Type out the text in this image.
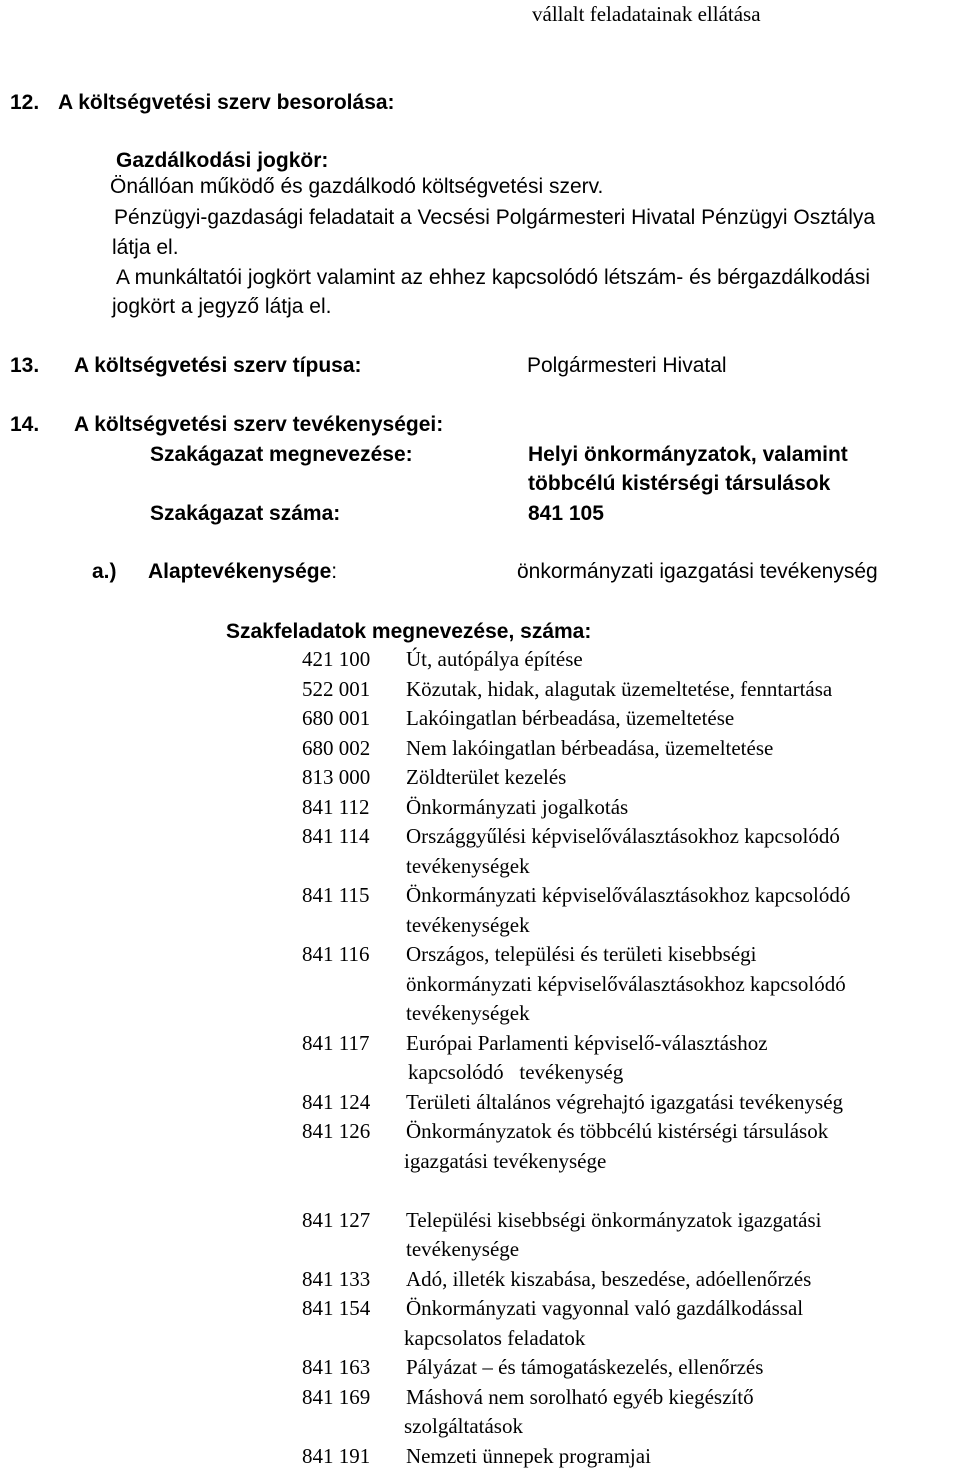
vállalt feladatainak ellátása
12. A költségvetési szerv besorolása:
Gazdálkodási jogkör:
Önállóan működő és gazdálkodó költségvetési szerv.
Pénzügyi-gazdasági feladatait a Vecsési Polgármesteri Hivatal Pénzügyi Osztálya
látja el.
A munkáltatói jogkört valamint az ehhez kapcsolódó létszám- és bérgazdálkodási
jogkört a jegyző látja el.
13. A költségvetési szerv típusa:	Polgármesteri Hivatal
14. A költségvetési szerv tevékenységei:
Szakágazat megnevezése:	Helyi önkormányzatok, valamint
többcélú kistérségi társulások
Szakágazat száma:	841 105
a.) Alaptevékenysége:	önkormányzati igazgatási tevékenység
Szakfeladatok megnevezése, száma:
421 100 Út, autópálya építése
522 001 Közutak, hidak, alagutak üzemeltetése, fenntartása
680 001 Lakóingatlan bérbeadása, üzemeltetése
680 002 Nem lakóingatlan bérbeadása, üzemeltetése
813 000 Zöldterület kezelés
841 112 Önkormányzati jogalkotás
841 114 Országgyűlési képviselőválasztásokhoz kapcsolódó
tevékenységek
841 115 Önkormányzati képviselőválasztásokhoz kapcsolódó
tevékenységek
841 116 Országos, települési és területi kisebbségi
önkormányzati képviselőválasztásokhoz kapcsolódó
tevékenységek
841 117 Európai Parlamenti képviselő-választáshoz
kapcsolódó   tevékenység
841 124 Területi általános végrehajtó igazgatási tevékenység
841 126 Önkormányzatok és többcélú kistérségi társulások
igazgatási tevékenysége
841 127 Települési kisebbségi önkormányzatok igazgatási
tevékenysége
841 133 Adó, illeték kiszabása, beszedése, adóellenőrzés
841 154 Önkormányzati vagyonnal való gazdálkodással
kapcsolatos feladatok
841 163 Pályázat – és támogatáskezelés, ellenőrzés
841 169 Máshová nem sorolható egyéb kiegészítő
szolgáltatások
841 191 Nemzeti ünnepek programjai
